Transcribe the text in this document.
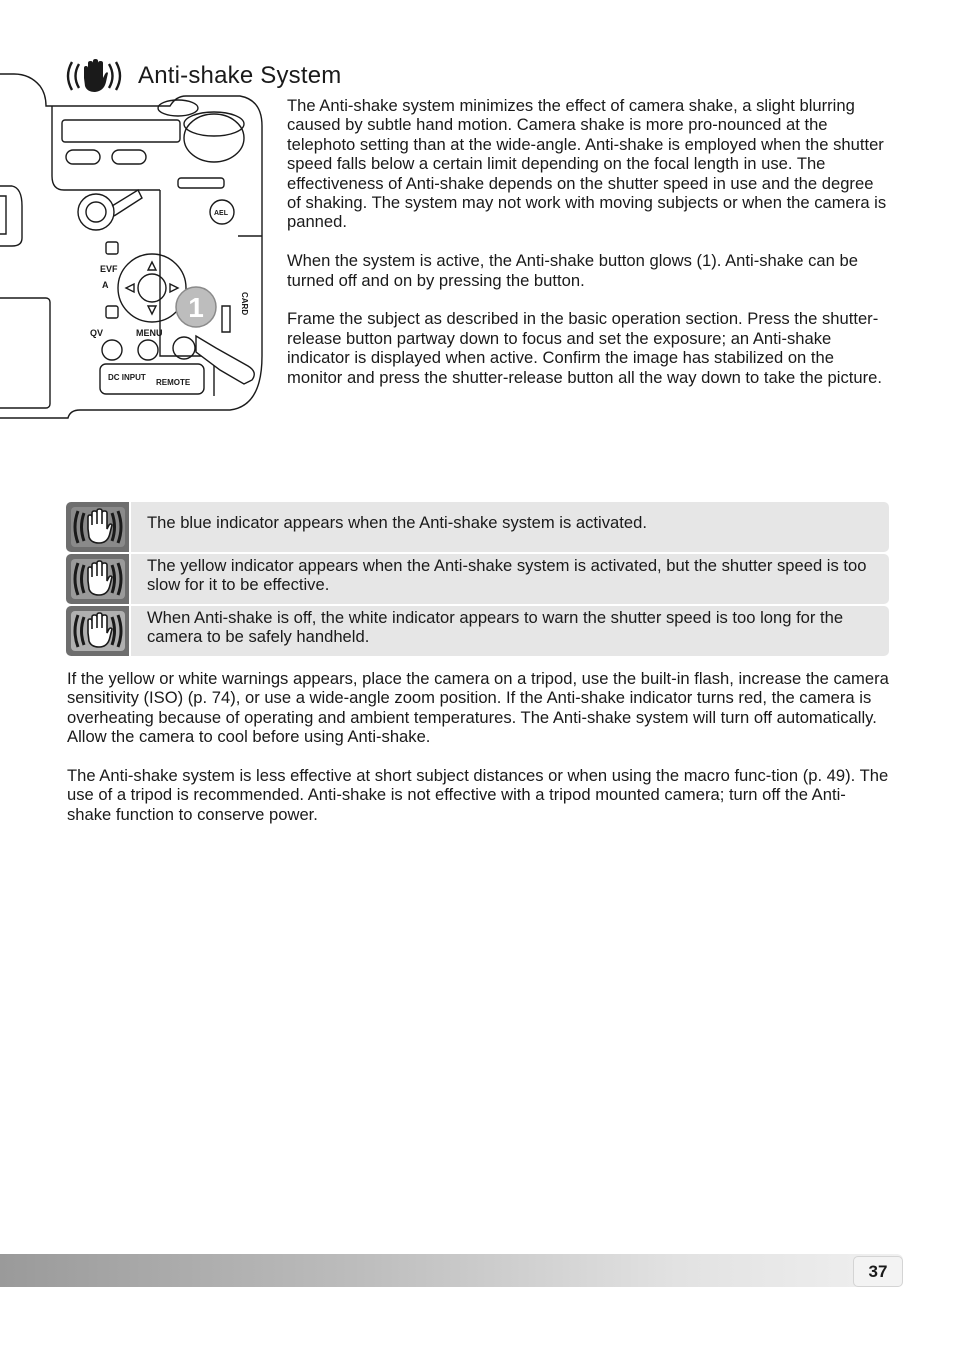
Anti-shake System
1
EVF
A
QV	MENU
DC INPUT
REMOTE
AEL
CARD

The Anti-shake system minimizes the effect of camera shake, a slight blurring caused by subtle hand motion. Camera shake is more pro-nounced at the telephoto setting than at the wide-angle. Anti-shake is employed when the shutter speed falls below a certain limit depending on the focal length in use. The effectiveness of Anti-shake depends on the shutter speed in use and the degree of shaking. The system may not work with moving subjects or when the camera is panned.

When the system is active, the Anti-shake button glows (1). Anti-shake can be turned off and on by pressing the button.

Frame the subject as described in the basic operation section. Press the shutter-release button partway down to focus and set the exposure; an Anti-shake indicator is displayed when active. Confirm the image has stabilized on the monitor and press the shutter-release button all the way down to take the picture.

The blue indicator appears when the Anti-shake system is activated.
The yellow indicator appears when the Anti-shake system is activated, but the shutter speed is too slow for it to be effective.
When Anti-shake is off, the white indicator appears to warn the shutter speed is too long for the camera to be safely handheld.

If the yellow or white warnings appears, place the camera on a tripod, use the built-in flash, increase the camera sensitivity (ISO) (p. 74), or use a wide-angle zoom position. If the Anti-shake indicator turns red, the camera is overheating because of operating and ambient temperatures. The Anti-shake system will turn off automatically. Allow the camera to cool before using Anti-shake.

The Anti-shake system is less effective at short subject distances or when using the macro func-tion (p. 49). The use of a tripod is recommended. Anti-shake is not effective with a tripod mounted camera; turn off the Anti-shake function to conserve power.

37
